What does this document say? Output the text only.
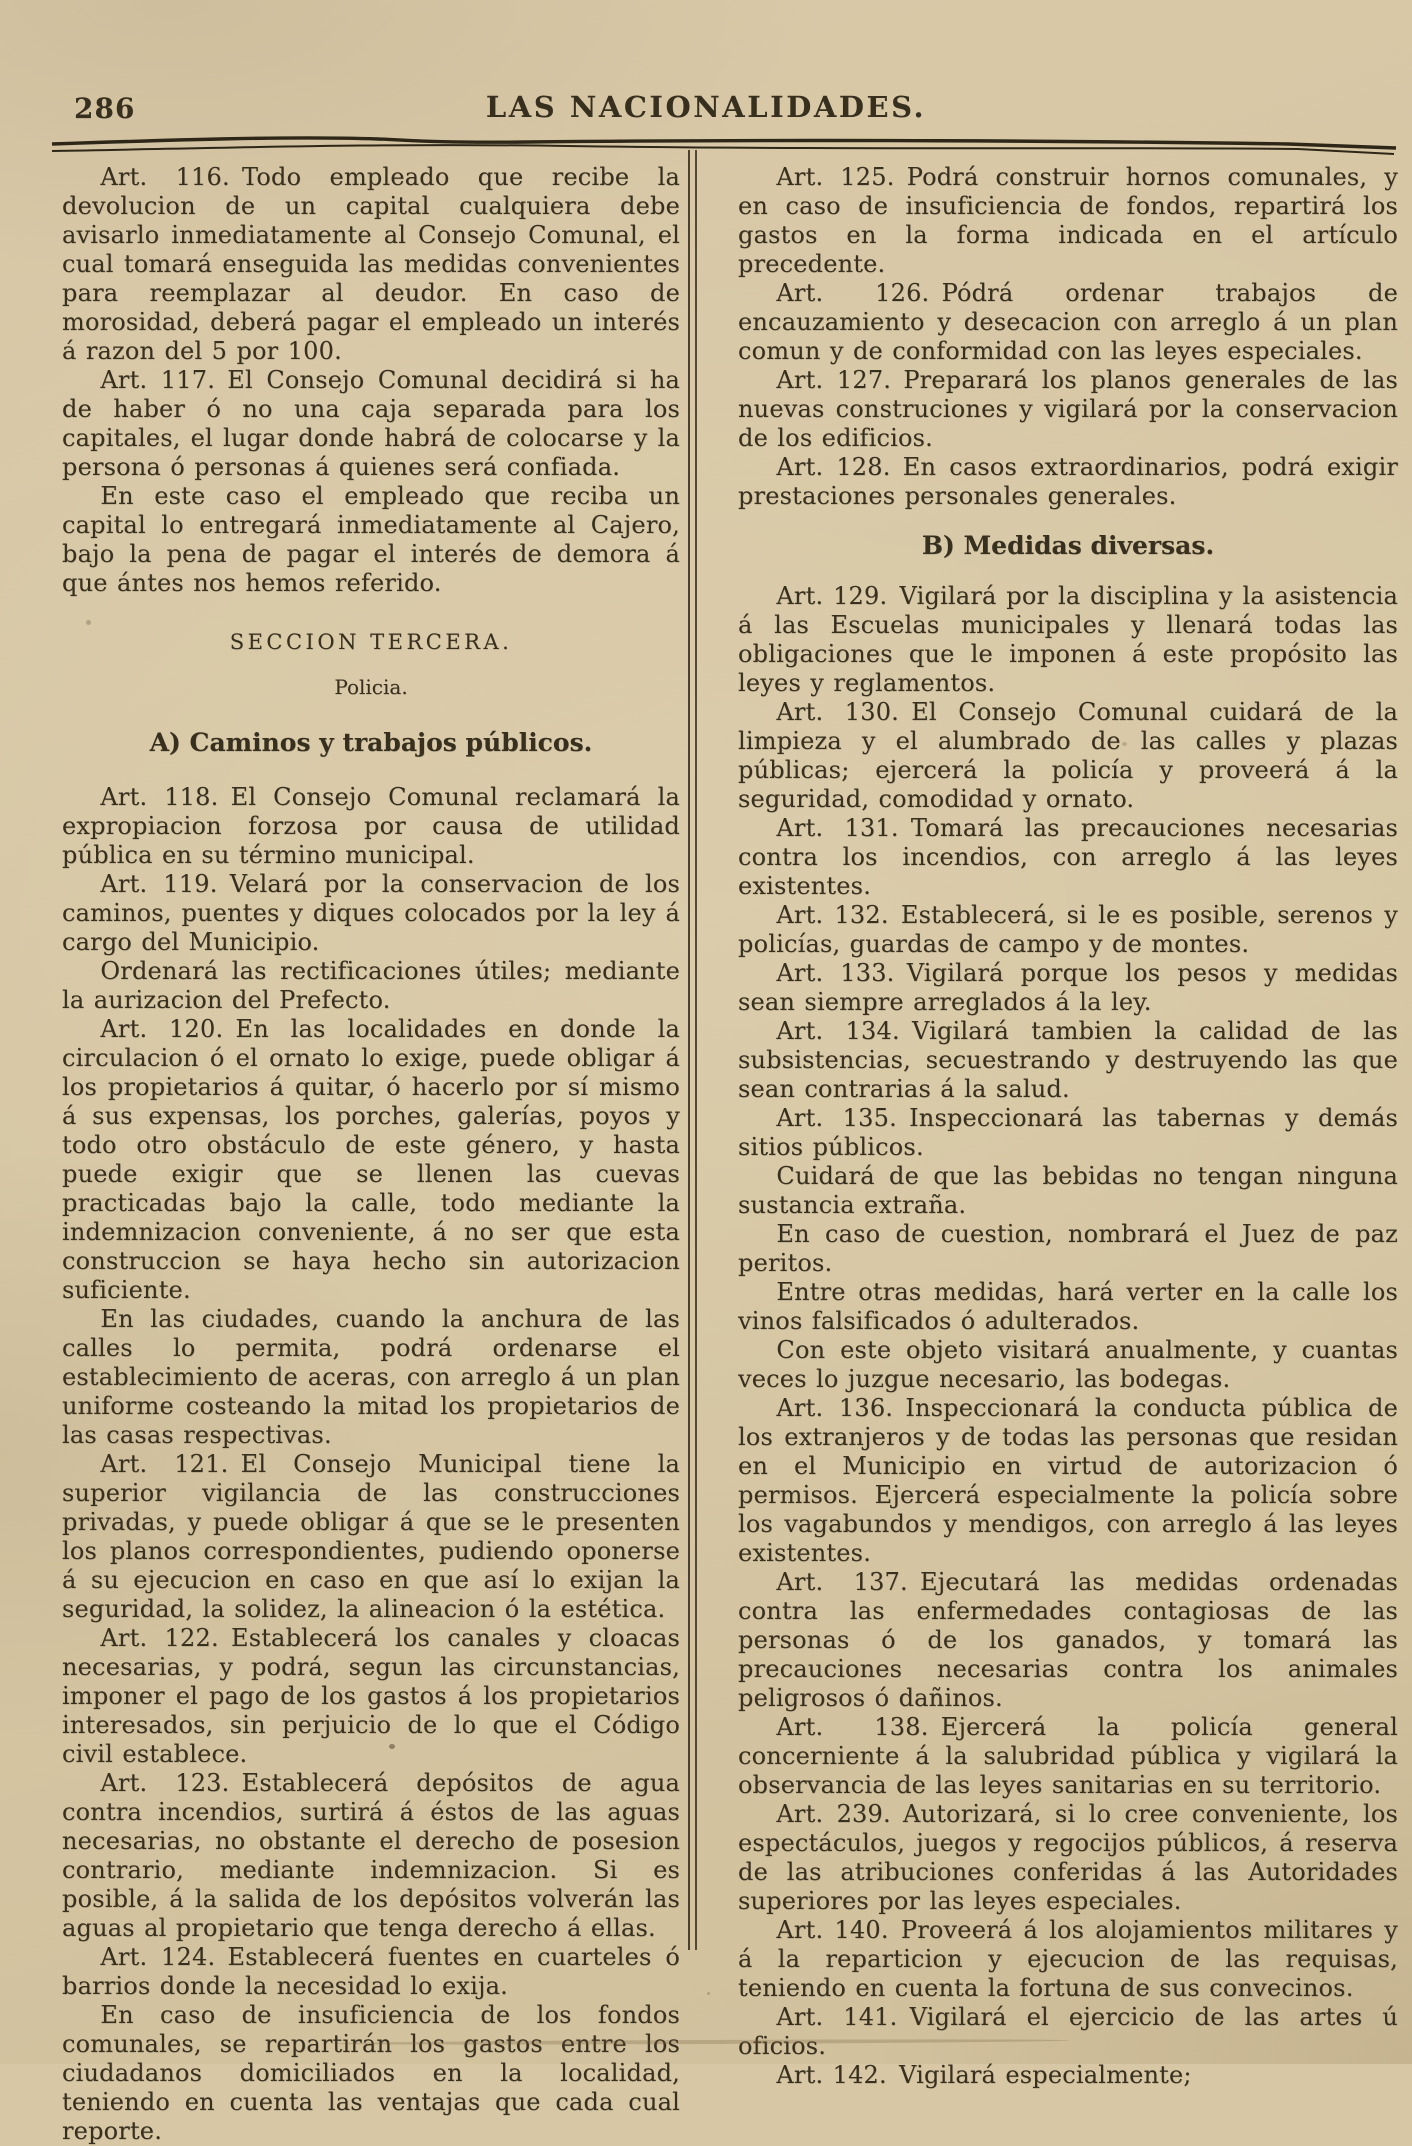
286	LAS NACIONALIDADES.

Art. 116. Todo empleado que recibe la devolucion de un capital cualquiera debe avisarlo inmediatamente al Consejo Comunal, el cual tomará enseguida las medidas convenientes para reemplazar al deudor. En caso de morosidad, deberá pagar el empleado un interés á razon del 5 por 100.

Art. 117. El Consejo Comunal decidirá si ha de haber ó no una caja separada para los capitales, el lugar donde habrá de colocarse y la persona ó personas á quienes será confiada.

En este caso el empleado que reciba un capital lo entregará inmediatamente al Cajero, bajo la pena de pagar el interés de demora á que ántes nos hemos referido.

SECCION TERCERA.
Policia.
A) Caminos y trabajos públicos.

Art. 118. El Consejo Comunal reclamará la expropiacion forzosa por causa de utilidad pública en su término municipal.

Art. 119. Velará por la conservacion de los caminos, puentes y diques colocados por la ley á cargo del Municipio.

Ordenará las rectificaciones útiles; mediante la aurizacion del Prefecto.

Art. 120. En las localidades en donde la circulacion ó el ornato lo exige, puede obligar á los propietarios á quitar, ó hacerlo por sí mismo á sus expensas, los porches, galerías, poyos y todo otro obstáculo de este género, y hasta puede exigir que se llenen las cuevas practicadas bajo la calle, todo mediante la indemnizacion conveniente, á no ser que esta construccion se haya hecho sin autorizacion suficiente.

En las ciudades, cuando la anchura de las calles lo permita, podrá ordenarse el establecimiento de aceras, con arreglo á un plan uniforme costeando la mitad los propietarios de las casas respectivas.

Art. 121. El Consejo Municipal tiene la superior vigilancia de las construcciones privadas, y puede obligar á que se le presenten los planos correspondientes, pudiendo oponerse á su ejecucion en caso en que así lo exijan la seguridad, la solidez, la alineacion ó la estética.

Art. 122. Establecerá los canales y cloacas necesarias, y podrá, segun las circunstancias, imponer el pago de los gastos á los propietarios interesados, sin perjuicio de lo que el Código civil establece.

Art. 123. Establecerá depósitos de agua contra incendios, surtirá á éstos de las aguas necesarias, no obstante el derecho de posesion contrario, mediante indemnizacion. Si es posible, á la salida de los depósitos volverán las aguas al propietario que tenga derecho á ellas.

Art. 124. Establecerá fuentes en cuarteles ó barrios donde la necesidad lo exija.

En caso de insuficiencia de los fondos comunales, se repartirán los gastos entre los ciudadanos domiciliados en la localidad, teniendo en cuenta las ventajas que cada cual reporte.

Art. 125. Podrá construir hornos comunales, y en caso de insuficiencia de fondos, repartirá los gastos en la forma indicada en el artículo precedente.

Art. 126. Pódrá ordenar trabajos de encauzamiento y desecacion con arreglo á un plan comun y de conformidad con las leyes especiales.

Art. 127. Preparará los planos generales de las nuevas construciones y vigilará por la conservacion de los edificios.

Art. 128. En casos extraordinarios, podrá exigir prestaciones personales generales.

B) Medidas diversas.

Art. 129. Vigilará por la disciplina y la asistencia á las Escuelas municipales y llenará todas las obligaciones que le imponen á este propósito las leyes y reglamentos.

Art. 130. El Consejo Comunal cuidará de la limpieza y el alumbrado de las calles y plazas públicas; ejercerá la policía y proveerá á la seguridad, comodidad y ornato.

Art. 131. Tomará las precauciones necesarias contra los incendios, con arreglo á las leyes existentes.

Art. 132. Establecerá, si le es posible, serenos y policías, guardas de campo y de montes.

Art. 133. Vigilará porque los pesos y medidas sean siempre arreglados á la ley.

Art. 134. Vigilará tambien la calidad de las subsistencias, secuestrando y destruyendo las que sean contrarias á la salud.

Art. 135. Inspeccionará las tabernas y demás sitios públicos.

Cuidará de que las bebidas no tengan ninguna sustancia extraña.

En caso de cuestion, nombrará el Juez de paz peritos.

Entre otras medidas, hará verter en la calle los vinos falsificados ó adulterados.

Con este objeto visitará anualmente, y cuantas veces lo juzgue necesario, las bodegas.

Art. 136. Inspeccionará la conducta pública de los extranjeros y de todas las personas que residan en el Municipio en virtud de autorizacion ó permisos. Ejercerá especialmente la policía sobre los vagabundos y mendigos, con arreglo á las leyes existentes.

Art. 137. Ejecutará las medidas ordenadas contra las enfermedades contagiosas de las personas ó de los ganados, y tomará las precauciones necesarias contra los animales peligrosos ó dañinos.

Art. 138. Ejercerá la policía general concerniente á la salubridad pública y vigilará la observancia de las leyes sanitarias en su territorio.

Art. 239. Autorizará, si lo cree conveniente, los espectáculos, juegos y regocijos públicos, á reserva de las atribuciones conferidas á las Autoridades superiores por las leyes especiales.

Art. 140. Proveerá á los alojamientos militares y á la reparticion y ejecucion de las requisas, teniendo en cuenta la fortuna de sus convecinos.

Art. 141. Vigilará el ejercicio de las artes ú oficios.

Art. 142. Vigilará especialmente;
